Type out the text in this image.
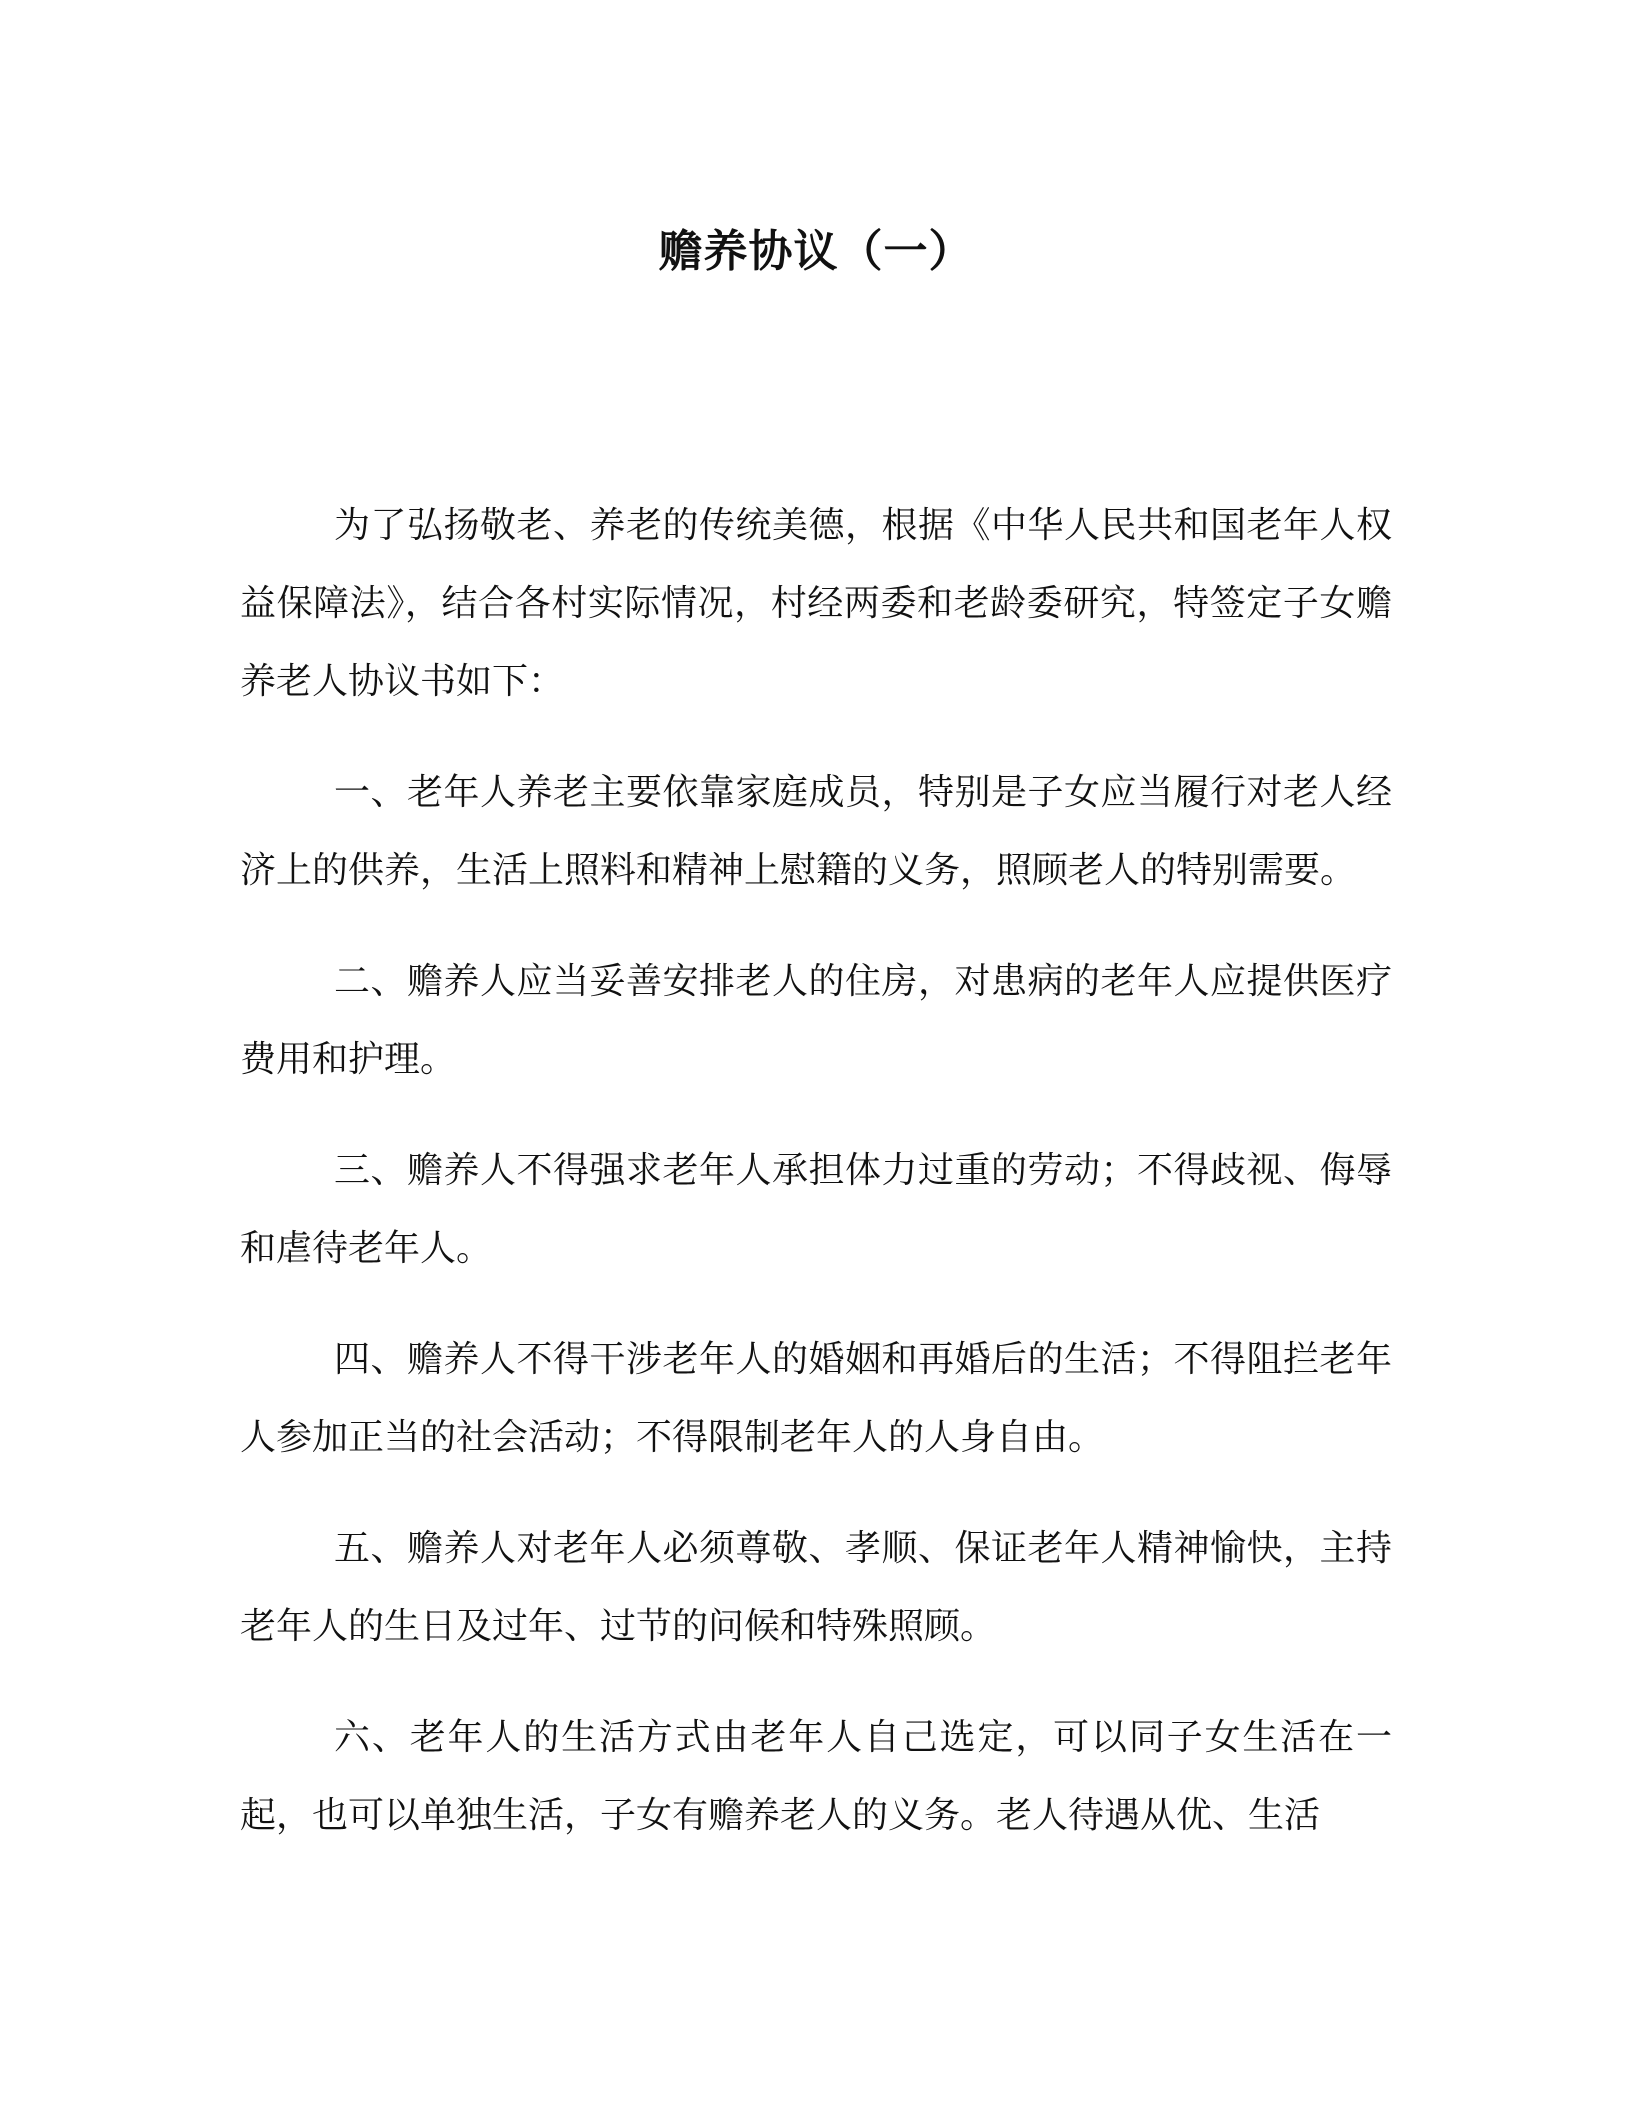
赡养协议（一）

为了弘扬敬老、养老的传统美德，根据《中华人民共和国老年人权益保障法》，结合各村实际情况，村经两委和老龄委研究，特签定子女赡养老人协议书如下：

一、老年人养老主要依靠家庭成员，特别是子女应当履行对老人经济上的供养，生活上照料和精神上慰籍的义务，照顾老人的特别需要。

二、赡养人应当妥善安排老人的住房，对患病的老年人应提供医疗费用和护理。

三、赡养人不得强求老年人承担体力过重的劳动；不得歧视、侮辱和虐待老年人。

四、赡养人不得干涉老年人的婚姻和再婚后的生活；不得阻拦老年人参加正当的社会活动；不得限制老年人的人身自由。

五、赡养人对老年人必须尊敬、孝顺、保证老年人精神愉快，主持老年人的生日及过年、过节的问候和特殊照顾。

六、老年人的生活方式由老年人自己选定，可以同子女生活在一起，也可以单独生活，子女有赡养老人的义务。老人待遇从优、生活
